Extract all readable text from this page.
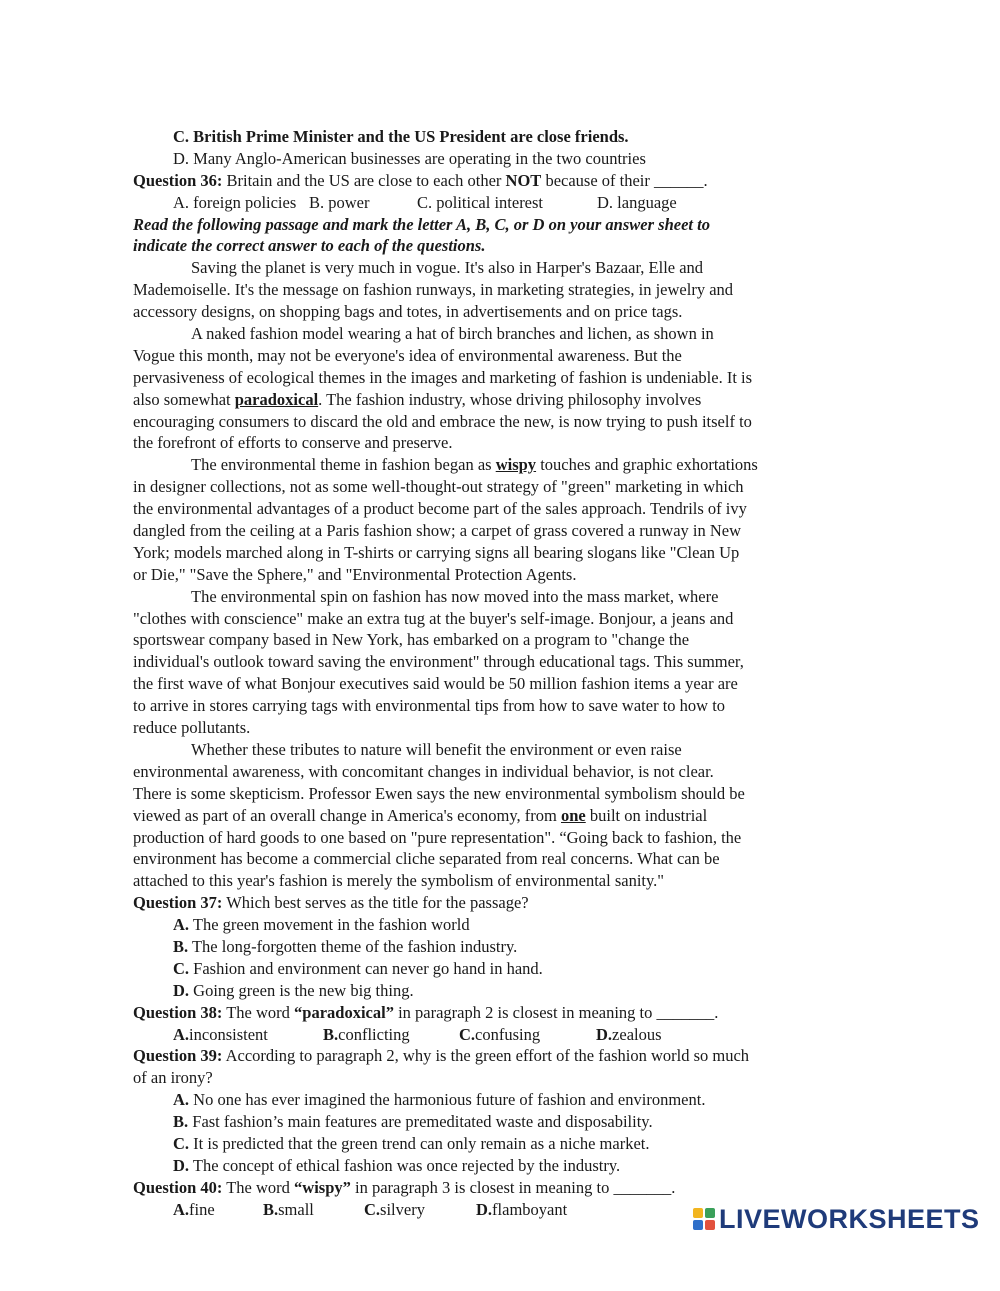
C. British Prime Minister and the US President are close friends.
D. Many Anglo-American businesses are operating in the two countries
Question 36: Britain and the US are close to each other NOT because of their ______.
A. foreign policies B. power	C. political interest	D. language
Read the following passage and mark the letter A, B, C, or D on your answer sheet to
indicate the correct answer to each of the questions.
Saving the planet is very much in vogue. It's also in Harper's Bazaar, Elle and
Mademoiselle. It's the message on fashion runways, in marketing strategies, in jewelry and
accessory designs, on shopping bags and totes, in advertisements and on price tags.
A naked fashion model wearing a hat of birch branches and lichen, as shown in
Vogue this month, may not be everyone's idea of environmental awareness. But the
pervasiveness of ecological themes in the images and marketing of fashion is undeniable. It is
also somewhat paradoxical. The fashion industry, whose driving philosophy involves
encouraging consumers to discard the old and embrace the new, is now trying to push itself to
the forefront of efforts to conserve and preserve.
The environmental theme in fashion began as wispy touches and graphic exhortations
in designer collections, not as some well-thought-out strategy of "green" marketing in which
the environmental advantages of a product become part of the sales approach. Tendrils of ivy
dangled from the ceiling at a Paris fashion show; a carpet of grass covered a runway in New
York; models marched along in T-shirts or carrying signs all bearing slogans like "Clean Up
or Die," "Save the Sphere," and "Environmental Protection Agents.
The environmental spin on fashion has now moved into the mass market, where
"clothes with conscience" make an extra tug at the buyer's self-image. Bonjour, a jeans and
sportswear company based in New York, has embarked on a program to "change the
individual's outlook toward saving the environment" through educational tags. This summer,
the first wave of what Bonjour executives said would be 50 million fashion items a year are
to arrive in stores carrying tags with environmental tips from how to save water to how to
reduce pollutants.
Whether these tributes to nature will benefit the environment or even raise
environmental awareness, with concomitant changes in individual behavior, is not clear.
There is some skepticism. Professor Ewen says the new environmental symbolism should be
viewed as part of an overall change in America's economy, from one built on industrial
production of hard goods to one based on "pure representation". “Going back to fashion, the
environment has become a commercial cliche separated from real concerns. What can be
attached to this year's fashion is merely the symbolism of environmental sanity."
Question 37: Which best serves as the title for the passage?
A. The green movement in the fashion world
B. The long-forgotten theme of the fashion industry.
C. Fashion and environment can never go hand in hand.
D. Going green is the new big thing.
Question 38: The word “paradoxical” in paragraph 2 is closest in meaning to _______.
A.inconsistent	B.conflicting	C.confusing	D.zealous
Question 39: According to paragraph 2, why is the green effort of the fashion world so much
of an irony?
A. No one has ever imagined the harmonious future of fashion and environment.
B. Fast fashion’s main features are premeditated waste and disposability.
C. It is predicted that the green trend can only remain as a niche market.
D. The concept of ethical fashion was once rejected by the industry.
Question 40: The word “wispy” in paragraph 3 is closest in meaning to _______.
A.fine	B.small	C.silvery	D.flamboyant	LIVEWORKSHEETS
